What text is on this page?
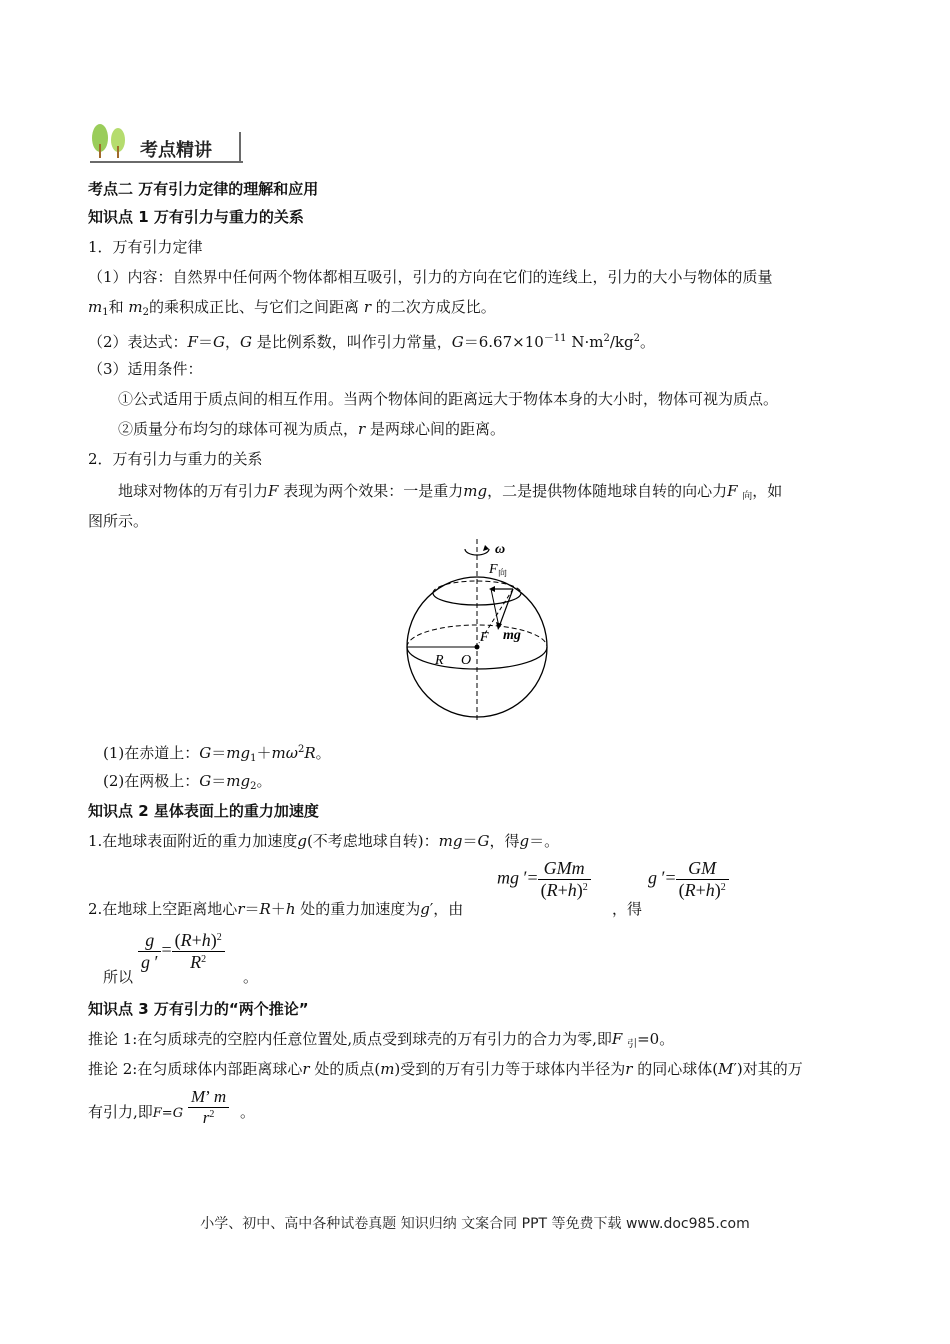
考点精讲
考点二 万有引力定律的理解和应用
知识点 1 万有引力与重力的关系
1．万有引力定律
（1）内容：自然界中任何两个物体都相互吸引，引力的方向在它们的连线上，引力的大小与物体的质量
$m_1$和 $m_2$的乘积成正比、与它们之间距离 r 的二次方成反比。
（2）表达式：F＝G，G 是比例系数，叫作引力常量，$G=6.67\times 10^{-11}$ $N\cdot m^2/kg^2$。
（3）适用条件：
①公式适用于质点间的相互作用。当两个物体间的距离远大于物体本身的大小时，物体可视为质点。
②质量分布均匀的球体可视为质点，r 是两球心间的距离。
2．万有引力与重力的关系
地球对物体的万有引力F 表现为两个效果：一是重力mg，二是提供物体随地球自转的向心力F $_向$，如
图所示。
ω
F 向
F mg
R O
(1)在赤道上：$G=mg_1+m\omega^2R$。
(2)在两极上：$G=mg_2$。
知识点 2 星体表面上的重力加速度
1.在地球表面附近的重力加速度g(不考虑地球自转)：mg＝G，得g＝。
2.在地球上空距离地心r＝R＋h 处的重力加速度为g′，由
mg ′= $\frac{\text{GMm}}{(R+h)^2}$
，得
g ′= $\frac{GM}{(R+h)^2}$
所以
$\frac{g}{g '} = \frac{(R+h)^2}{R^2}$
。
知识点 3 万有引力的“两个推论”
推论 1:在匀质球壳的空腔内任意位置处,质点受到球壳的万有引力的合力为零,即F $_引$=0。
推论 2:在匀质球体内部距离球心r 处的质点(m)受到的万有引力等于球体内半径为r 的同心球体(M′)对其的万
有引力,即$F=G \frac{M’ m}{r^2}$ 。
小学、初中、高中各种试卷真题 知识归纳 文案合同 PPT 等免费下载 www.doc985.com
